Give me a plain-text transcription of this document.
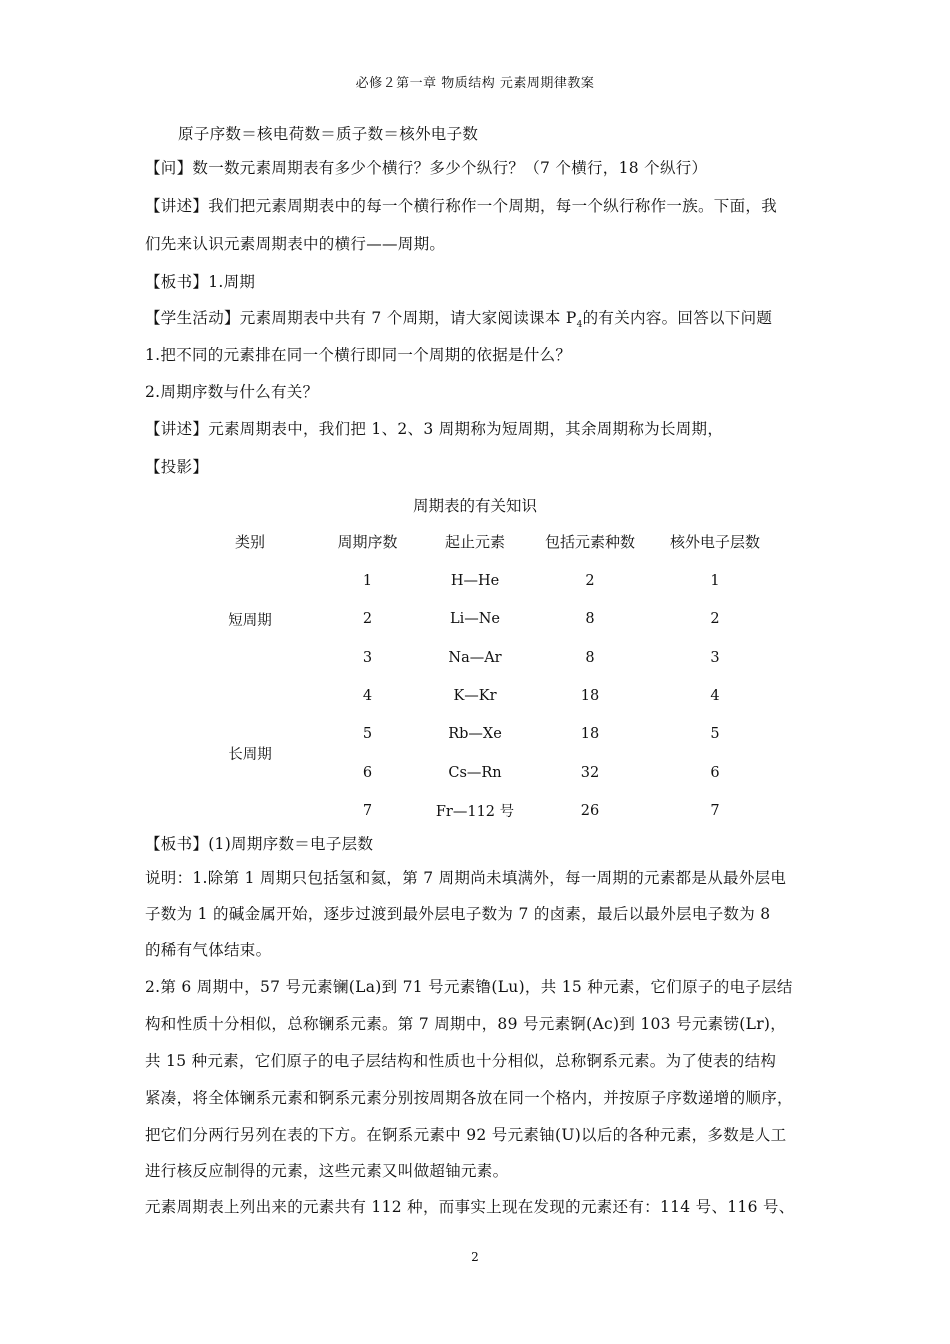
必修２第一章 物质结构 元素周期律教案
原子序数＝核电荷数＝质子数＝核外电子数
【问】数一数元素周期表有多少个横行？多少个纵行？（7 个横行，18 个纵行）
【讲述】我们把元素周期表中的每一个横行称作一个周期，每一个纵行称作一族。下面，我
们先来认识元素周期表中的横行——周期。
【板书】1.周期
【学生活动】元素周期表中共有 7 个周期，请大家阅读课本 $P_4$的有关内容。回答以下问题
1.把不同的元素排在同一个横行即同一个周期的依据是什么？
2.周期序数与什么有关？
【讲述】元素周期表中，我们把 1、2、3 周期称为短周期，其余周期称为长周期，
【投影】
周期表的有关知识
类别	周期序数	起止元素	包括元素种数	核外电子层数
短周期	1	H—He	2	1
	2	Li—Ne	8	2
	3	Na—Ar	8	3
长周期	4	K—Kr	18	4
	5	Rb—Xe	18	5
	6	Cs—Rn	32	6
	7	Fr—112 号	26	7
【板书】(1)周期序数＝电子层数
说明：1.除第 1 周期只包括氢和氦，第 7 周期尚未填满外，每一周期的元素都是从最外层电
子数为 1 的碱金属开始，逐步过渡到最外层电子数为 7 的卤素，最后以最外层电子数为 8
的稀有气体结束。
2.第 6 周期中，57 号元素镧(La)到 71 号元素镥(Lu)，共 15 种元素，它们原子的电子层结
构和性质十分相似，总称镧系元素。第 7 周期中，89 号元素锕(Ac)到 103 号元素铹(Lr)，
共 15 种元素，它们原子的电子层结构和性质也十分相似，总称锕系元素。为了使表的结构
紧凑，将全体镧系元素和锕系元素分别按周期各放在同一个格内，并按原子序数递增的顺序，
把它们分两行另列在表的下方。在锕系元素中 92 号元素铀(U)以后的各种元素，多数是人工
进行核反应制得的元素，这些元素又叫做超铀元素。
元素周期表上列出来的元素共有 112 种，而事实上现在发现的元素还有：114 号、116 号、
2
